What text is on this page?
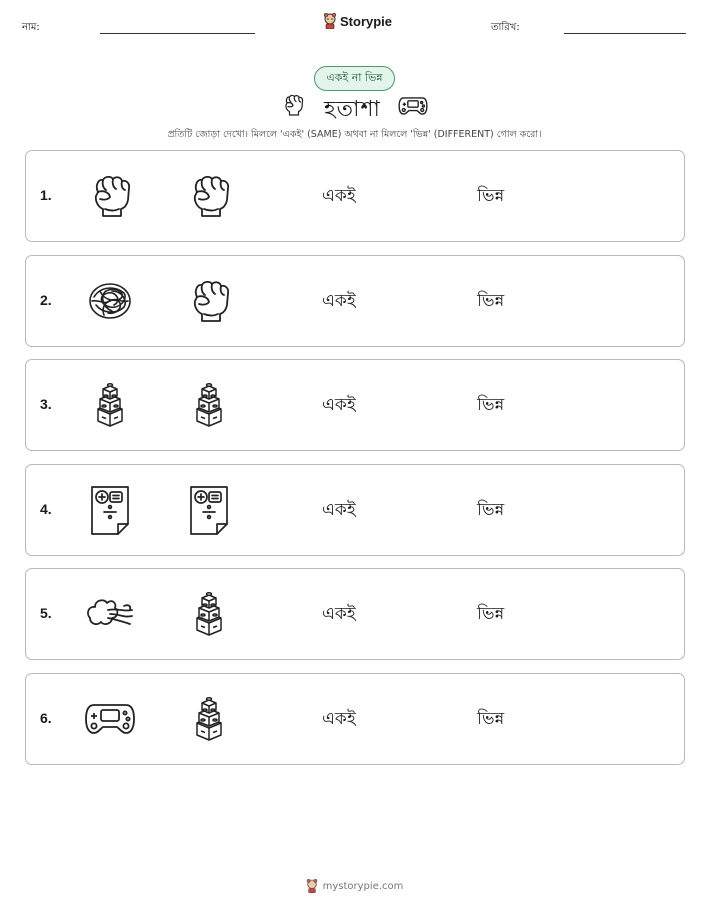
নাম:	Storypie	তারিখ:
একই না ভিন্ন
হতাশা
প্রতিটি জোড়া দেখো। মিললে 'একই' (SAME) অথবা না মিললে 'ভিন্ন' (DIFFERENT) গোল করো।
1.	একই	ভিন্ন
2.	একই	ভিন্ন
3.	একই	ভিন্ন
4.	একই	ভিন্ন
5.	একই	ভিন্ন
6.	একই	ভিন্ন
mystorypie.com
